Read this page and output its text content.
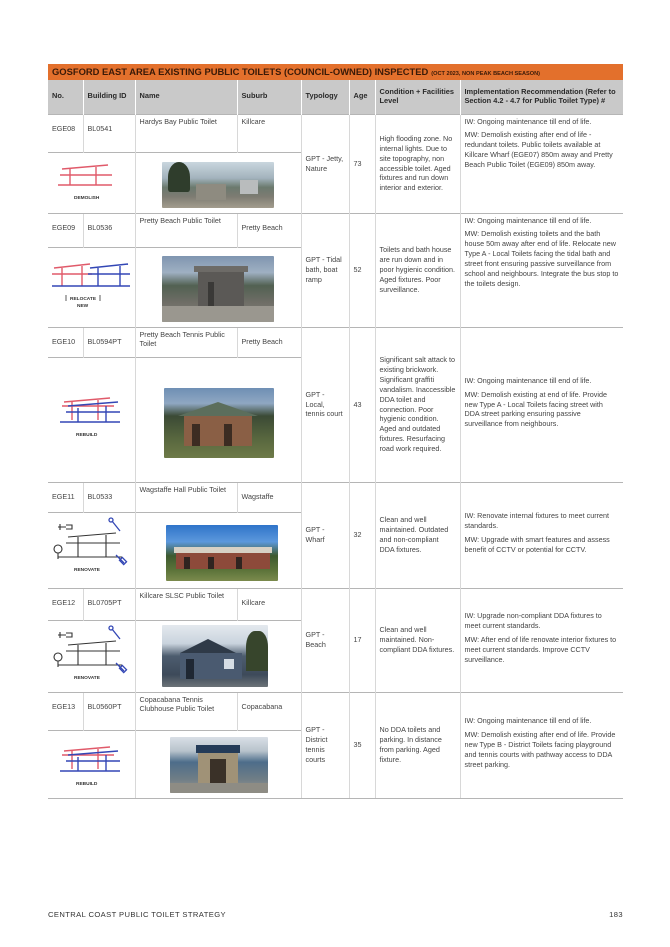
GOSFORD EAST AREA EXISTING PUBLIC TOILETS (COUNCIL-OWNED) INSPECTED (OCT 2023, NON PEAK BEACH SEASON)
No.	Building ID	Name	Suburb	Typology	Age	Condition + Facilities Level	Implementation Recommendation (Refer to Section 4.2 - 4.7 for Public Toilet Type) #
EGE08	BL0541	Hardys Bay Public Toilet	Killcare	GPT - Jetty, Nature	73	High flooding zone. No internal lights. Due to site topography, non accessible toilet. Aged fixtures and run down interior and exterior.	IW: Ongoing maintenance till end of life.

MW: Demolish existing after end of life - redundant toilets. Public toilets available at Killcare Wharf (EGE07) 850m away and Pretty Beach Public Toilet (EGE09) 850m away.

DEMOLISH							

EGE09	BL0536	Pretty Beach Public Toilet	Pretty Beach	GPT - Tidal bath, boat ramp	52	Toilets and bath house are run down and in poor hygienic condition. Aged fixtures. Poor surveillance.	IW: Ongoing maintenance till end of life.

MW: Demolish existing toilets and the bath house 50m away after end of life. Relocate new Type A - Local Toilets facing the tidal bath and street front ensuring passive surveillance from school and neighbours. Integrate the bus stop to the toilets design.

RELOCATE
NEW							

EGE10	BL0594PT	Pretty Beach Tennis Public Toilet	Pretty Beach	GPT - Local, tennis court	43	Significant salt attack to existing brickwork. Significant graffiti vandalism. Inaccessible DDA toilet and connection. Poor hygienic condition. Aged and outdated fixtures. Resurfacing road work required.	IW: Ongoing maintenance till end of life.

MW: Demolish existing at end of life. Provide new Type A - Local Toilets facing street with DDA street parking ensuring passive surveillance from neighbours.

REBUILD							

EGE11	BL0533	Wagstaffe Hall Public Toilet	Wagstaffe	GPT - Wharf	32	Clean and well maintained. Outdated and non-compliant DDA fixtures.	IW: Renovate internal fixtures to meet current standards.

MW: Upgrade with smart features and assess benefit of CCTV or potential for CCTV.

RENOVATE							

EGE12	BL0705PT	Killcare SLSC Public Toilet	Killcare	GPT - Beach	17	Clean and well maintained. Non-compliant DDA fixtures.	IW: Upgrade non-compliant DDA fixtures to meet current standards.

MW: After end of life renovate interior fixtures to meet current standards. Improve CCTV surveillance.

RENOVATE							

EGE13	BL0560PT	Copacabana Tennis Clubhouse Public Toilet	Copacabana	GPT - District tennis courts	35	No DDA toilets and parking. In distance from parking. Aged fixture.	IW: Ongoing maintenance till end of life.

MW: Demolish existing after end of life. Provide new Type B - District Toilets facing playground and tennis courts with pathway access to DDA street parking.

REBUILD							

CENTRAL COAST PUBLIC TOILET STRATEGY	183
